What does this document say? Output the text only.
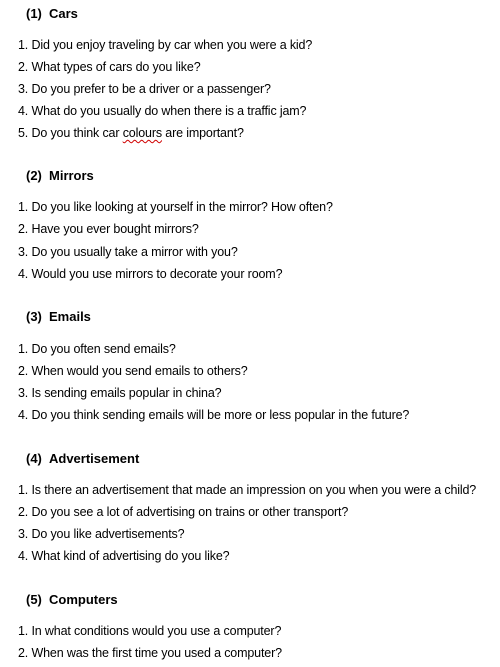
(1) Cars
1. Did you enjoy traveling by car when you were a kid?
2. What types of cars do you like?
3. Do you prefer to be a driver or a passenger?
4. What do you usually do when there is a traffic jam?
5. Do you think car colours are important?
(2) Mirrors
1. Do you like looking at yourself in the mirror? How often?
2. Have you ever bought mirrors?
3. Do you usually take a mirror with you?
4. Would you use mirrors to decorate your room?
(3) Emails
1. Do you often send emails?
2. When would you send emails to others?
3. Is sending emails popular in china?
4. Do you think sending emails will be more or less popular in the future?
(4) Advertisement
1. Is there an advertisement that made an impression on you when you were a child?
2. Do you see a lot of advertising on trains or other transport?
3. Do you like advertisements?
4. What kind of advertising do you like?
(5) Computers
1. In what conditions would you use a computer?
2. When was the first time you used a computer?
